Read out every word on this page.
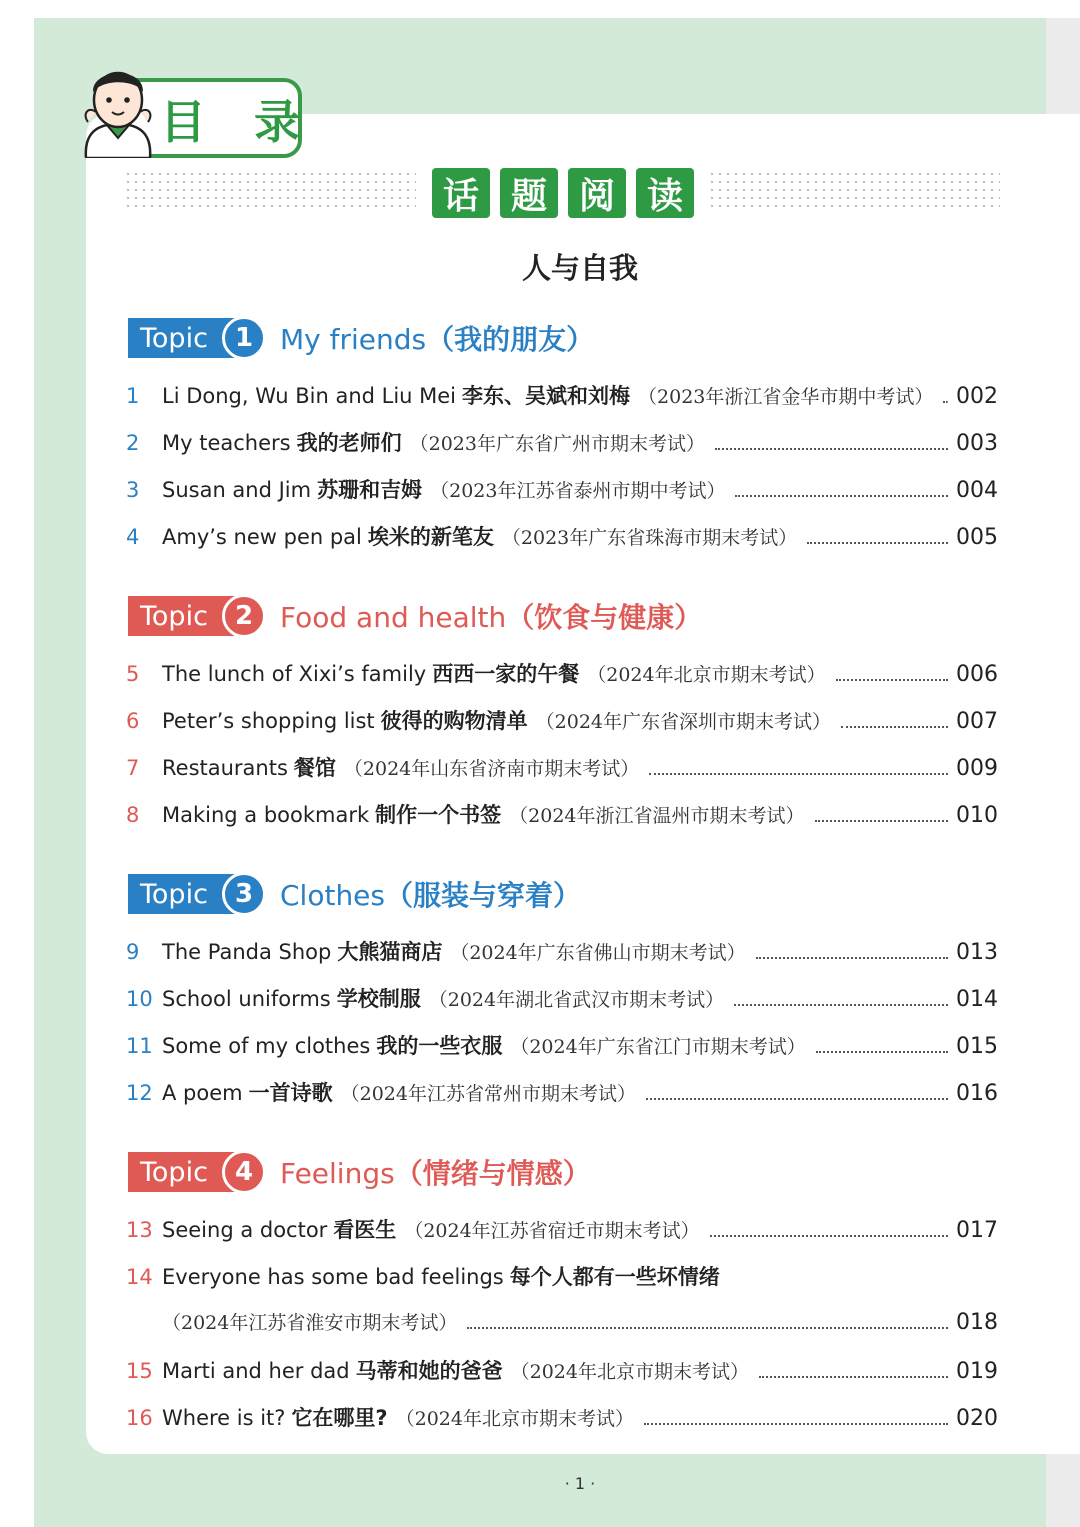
目 录
话 题 阅 读
人与自我
Topic	1 My friends（我的朋友）
Topic	2 Food and health（饮食与健康）
Topic	3 Clothes（服装与穿着）
Topic	4 Feelings（情绪与情感）
1	Li Dong, Wu Bin and Liu Mei 李东、吴斌和刘梅 （2023年浙江省金华市期中考试） 002
2	My teachers 我的老师们 （2023年广东省广州市期末考试）	003
3	Susan and Jim 苏珊和吉姆 （2023年江苏省泰州市期中考试）	004
4	Amy’s new pen pal 埃米的新笔友 （2023年广东省珠海市期末考试）	005
5	The lunch of Xixi’s family 西西一家的午餐 （2024年北京市期末考试）	006
6	Peter’s shopping list 彼得的购物清单 （2024年广东省深圳市期末考试）	007
7	Restaurants 餐馆 （2024年山东省济南市期末考试）	009
8	Making a bookmark 制作一个书签 （2024年浙江省温州市期末考试）	010
9	The Panda Shop 大熊猫商店 （2024年广东省佛山市期末考试）	013
10 School uniforms 学校制服 （2024年湖北省武汉市期末考试）	014
11 Some of my clothes 我的一些衣服 （2024年广东省江门市期末考试）	015
12 A poem 一首诗歌 （2024年江苏省常州市期末考试）	016
13 Seeing a doctor 看医生 （2024年江苏省宿迁市期末考试）	017
14 Everyone has some bad feelings 每个人都有一些坏情绪
（2024年江苏省淮安市期末考试）	018
15 Marti and her dad 马蒂和她的爸爸 （2024年北京市期末考试）	019
16 Where is it? 它在哪里? （2024年北京市期末考试）	020
· 1 ·
